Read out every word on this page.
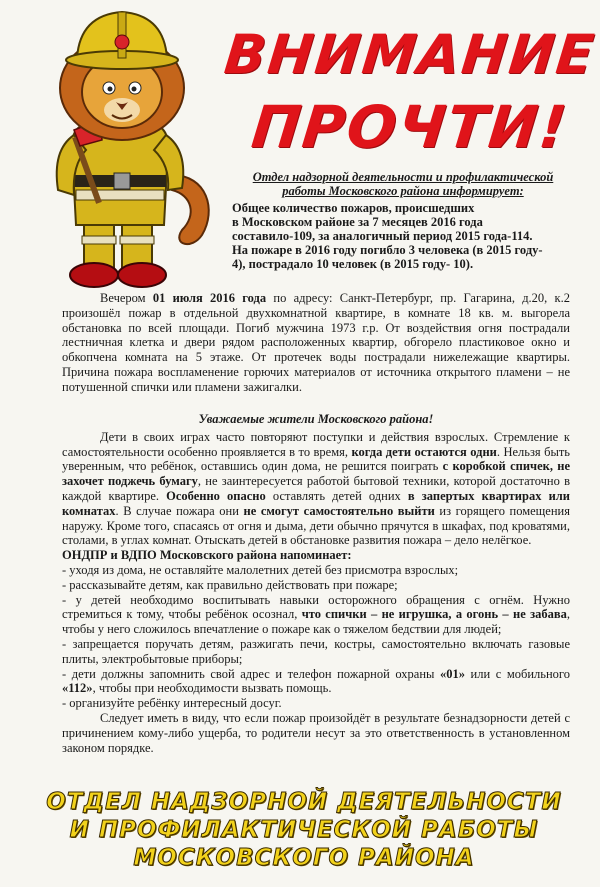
ВНИМАНИЕ
ПРОЧТИ!
Отдел надзорной деятельности и профилактической
работы Московского района информирует:
Общее количество пожаров, происшедших
в Московском районе за 7 месяцев 2016 года
составило-109, за аналогичный период 2015 года-114.
На пожаре в 2016 году погибло 3 человека (в 2015 году-
4), пострадало 10 человек (в 2015 году- 10).
Вечером 01 июля 2016 года по адресу: Санкт-Петербург, пр. Гагарина, д.20, к.2 произошёл пожар в отдельной двухкомнатной квартире, в комнате 18 кв. м. выгорела обстановка по всей площади. Погиб мужчина 1973 г.р. От воздействия огня пострадали лестничная клетка и двери рядом расположенных квартир, обгорело пластиковое окно и обкопчена комната на 5 этаже. От протечек воды пострадали нижележащие квартиры. Причина пожара воспламенение горючих материалов от источника открытого пламени – не потушенной спички или пламени зажигалки.
Уважаемые жители Московского района!
Дети в своих играх часто повторяют поступки и действия взрослых. Стремление к самостоятельности особенно проявляется в то время, когда дети остаются одни. Нельзя быть уверенным, что ребёнок, оставшись один дома, не решится поиграть с коробкой спичек, не захочет поджечь бумагу, не заинтересуется работой бытовой техники, которой достаточно в каждой квартире. Особенно опасно оставлять детей одних в запертых квартирах или комнатах. В случае пожара они не смогут самостоятельно выйти из горящего помещения наружу. Кроме того, спасаясь от огня и дыма, дети обычно прячутся в шкафах, под кроватями, столами, в углах комнат. Отыскать детей в обстановке развития пожара – дело нелёгкое.
ОНДПР и ВДПО Московского района напоминает:
- уходя из дома, не оставляйте малолетних детей без присмотра взрослых;
- рассказывайте детям, как правильно действовать при пожаре;
- у детей необходимо воспитывать навыки осторожного обращения с огнём. Нужно стремиться к тому, чтобы ребёнок осознал, что спички – не игрушка, а огонь – не забава, чтобы у него сложилось впечатление о пожаре как о тяжелом бедствии для людей;
- запрещается поручать детям, разжигать печи, костры, самостоятельно включать газовые плиты, электробытовые приборы;
- дети должны запомнить свой адрес и телефон пожарной охраны «01» или с мобильного «112», чтобы при необходимости вызвать помощь.
- организуйте ребёнку интересный досуг.
Следует иметь в виду, что если пожар произойдёт в результате безнадзорности детей с причинением кому-либо ущерба, то родители несут за это ответственность в установленном законом порядке.
ОТДЕЛ НАДЗОРНОЙ ДЕЯТЕЛЬНОСТИ
И ПРОФИЛАКТИЧЕСКОЙ РАБОТЫ
МОСКОВСКОГО РАЙОНА
